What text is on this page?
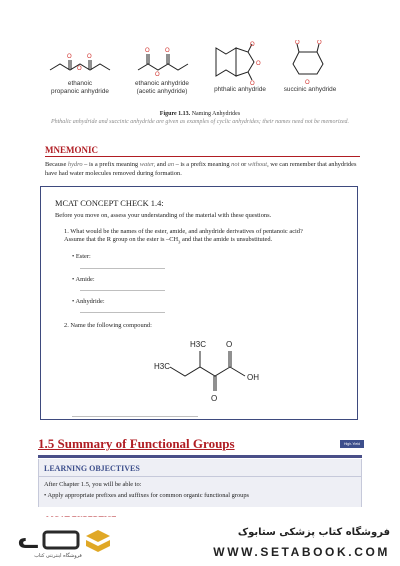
O	O
O
ethanoic
propanoic anhydride
O	O
O
ethanoic anhydride
(acetic anhydride)
O
O
O
phthalic anhydride
O	O
O
succinic anhydride
Figure 1.13. Naming Anhydrides
Phthalic anhydride and succinic anhydride are given as examples of cyclic anhydrides; their names need not be memorized.
MNEMONIC
Because hydro – is a prefix meaning water, and an – is a prefix meaning not or without, we can remember that anhydrides have had water molecules removed during formation.
MCAT CONCEPT CHECK 1.4:
Before you move on, assess your understanding of the material with these questions.
1. What would be the names of the ester, amide, and anhydride derivatives of pentanoic acid?
Assume that the R group on the ester is $-CH_3$ and that the amide is unsubstituted.
• Ester:
• Amide:
• Anhydride:
2. Name the following compound:
H3C
H3C
OH
O
O
1.5 Summary of Functional Groups	High-Yield
LEARNING OBJECTIVES
After Chapter 1.5, you will be able to:
• Apply appropriate prefixes and suffixes for common organic functional groups
ᓚ
فروشگاه اینترنتی کتاب
فروشگاه کتاب پزشکی ستابوک
WWW.SETABOOK.COM
